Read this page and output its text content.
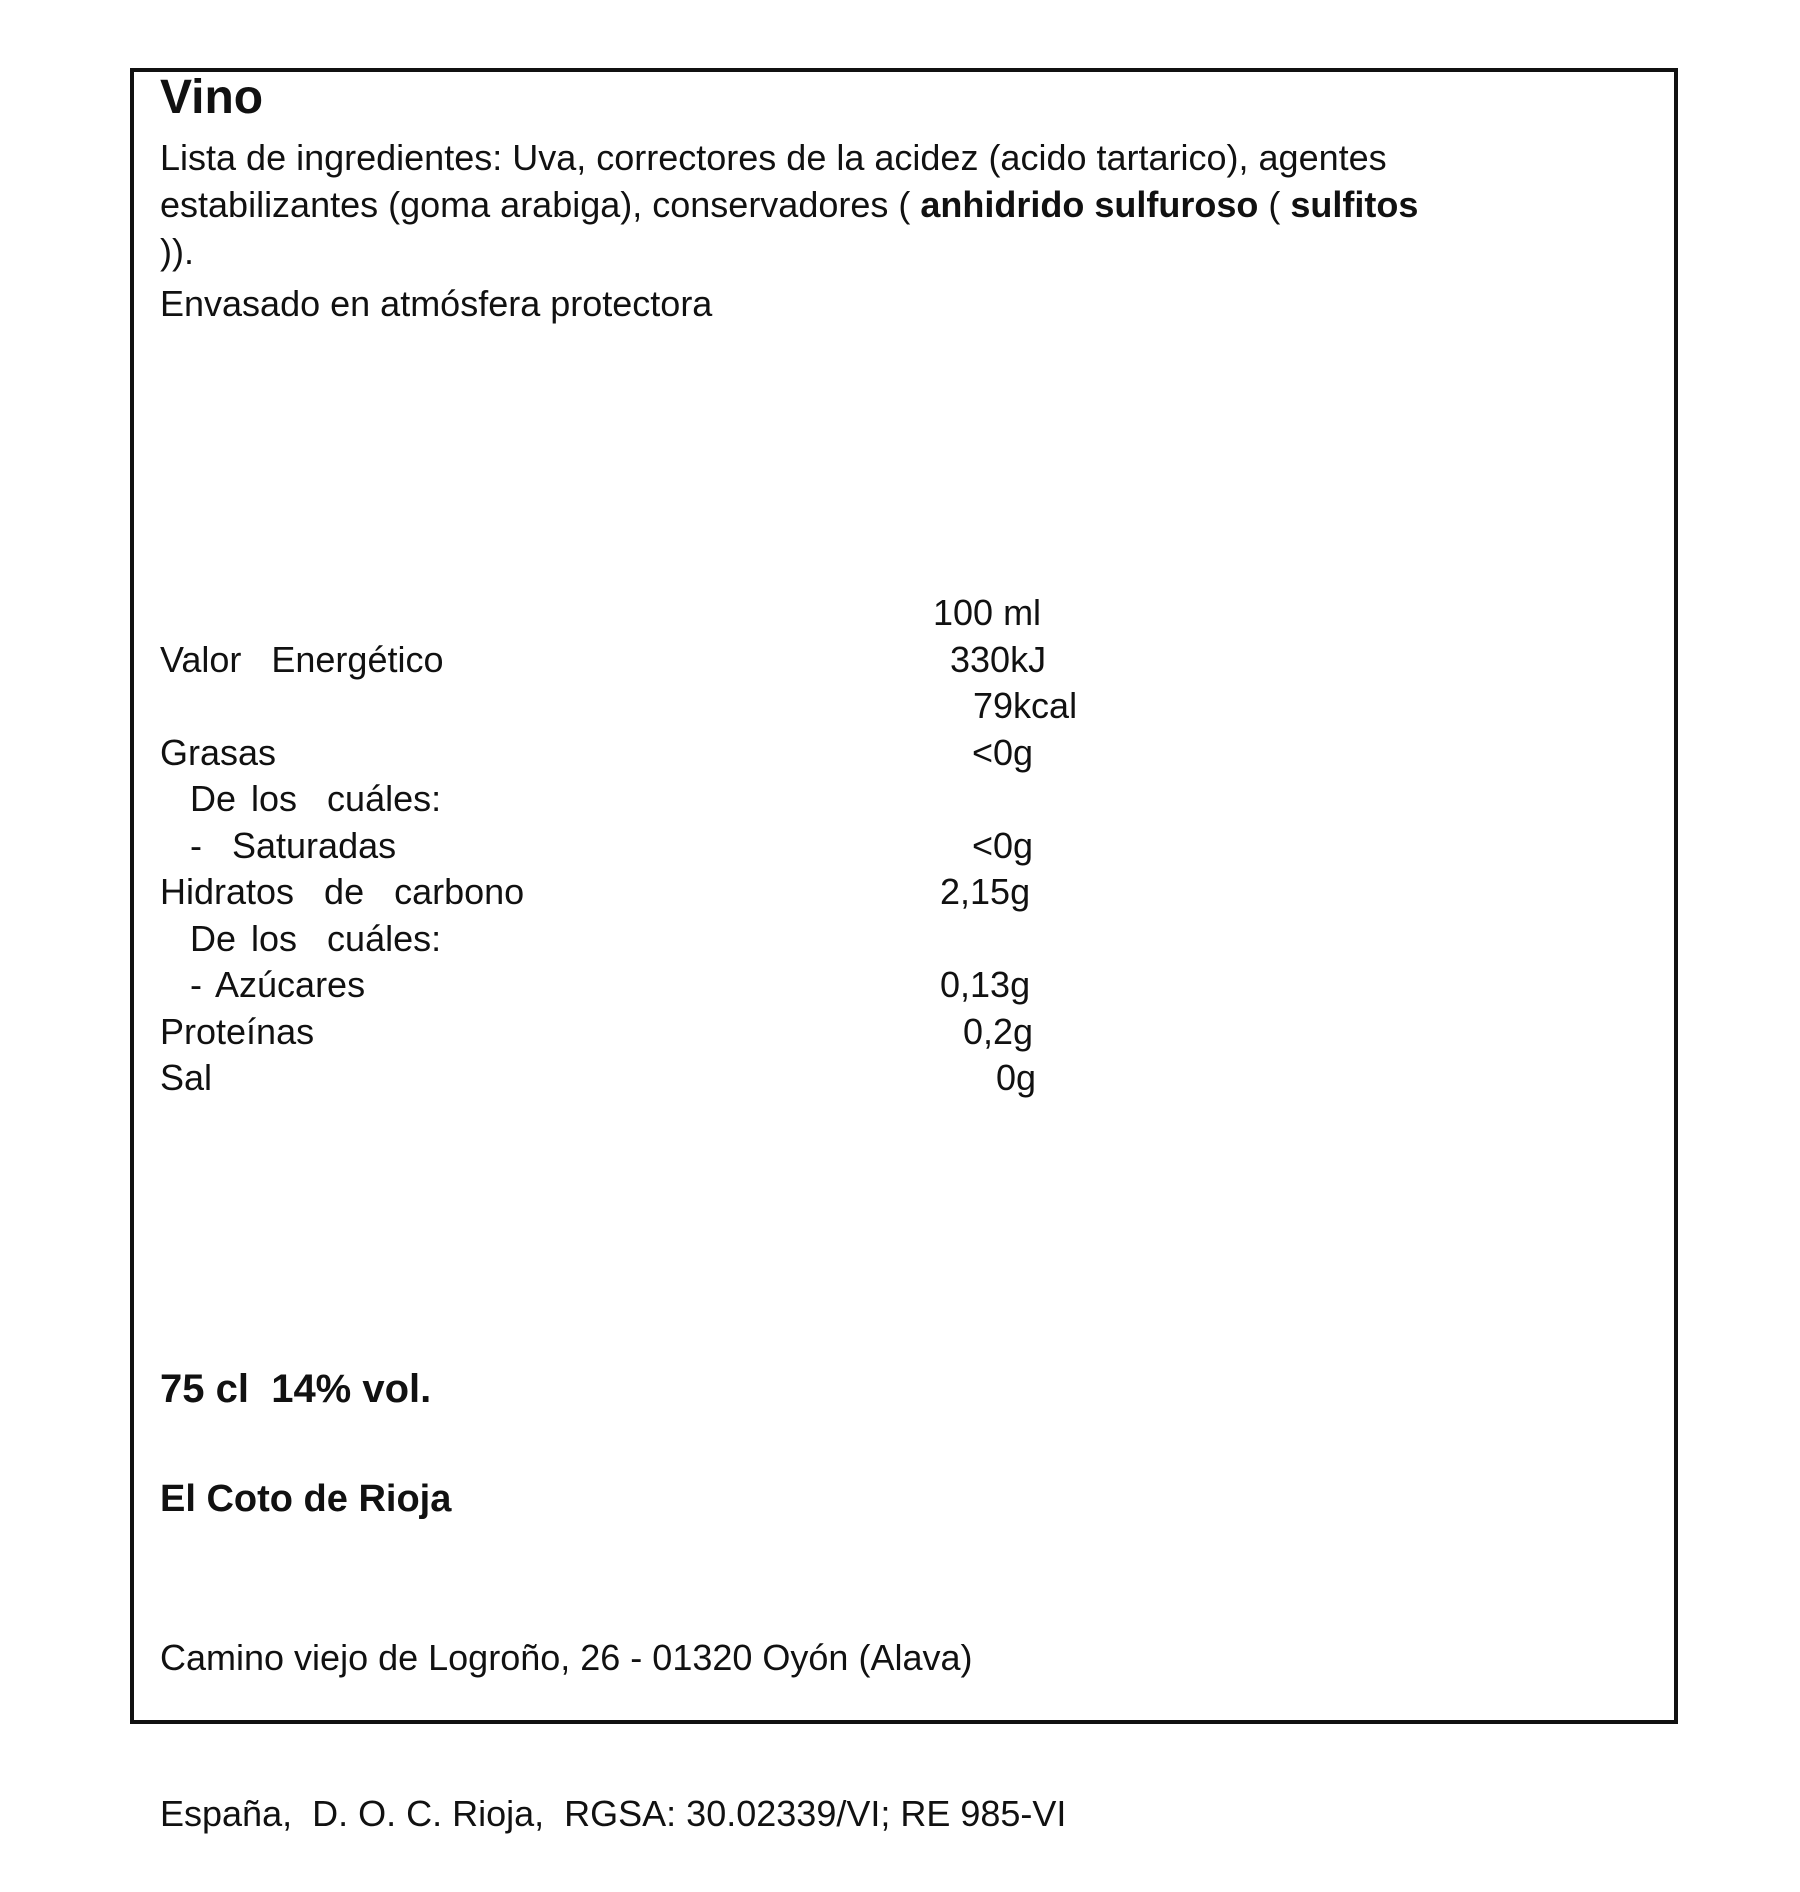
Vino
Lista de ingredientes: Uva, correctores de la acidez (acido tartarico), agentes
estabilizantes (goma arabiga), conservadores ( anhidrido sulfuroso ( sulfitos
)).
Envasado en atmósfera protectora
100 ml
Valor  Energético	330kJ
79kcal
Grasas	<0g
De los  cuáles:
-  Saturadas	<0g
Hidratos  de  carbono	2,15g
De los  cuáles:
- Azúcares	0,13g
Proteínas	0,2g
Sal	0g
75 cl  14% vol.
El Coto de Rioja

Camino viejo de Logroño, 26 - 01320 Oyón (Alava)

España,  D. O. C. Rioja,  RGSA: 30.02339/VI; RE 985-VI
